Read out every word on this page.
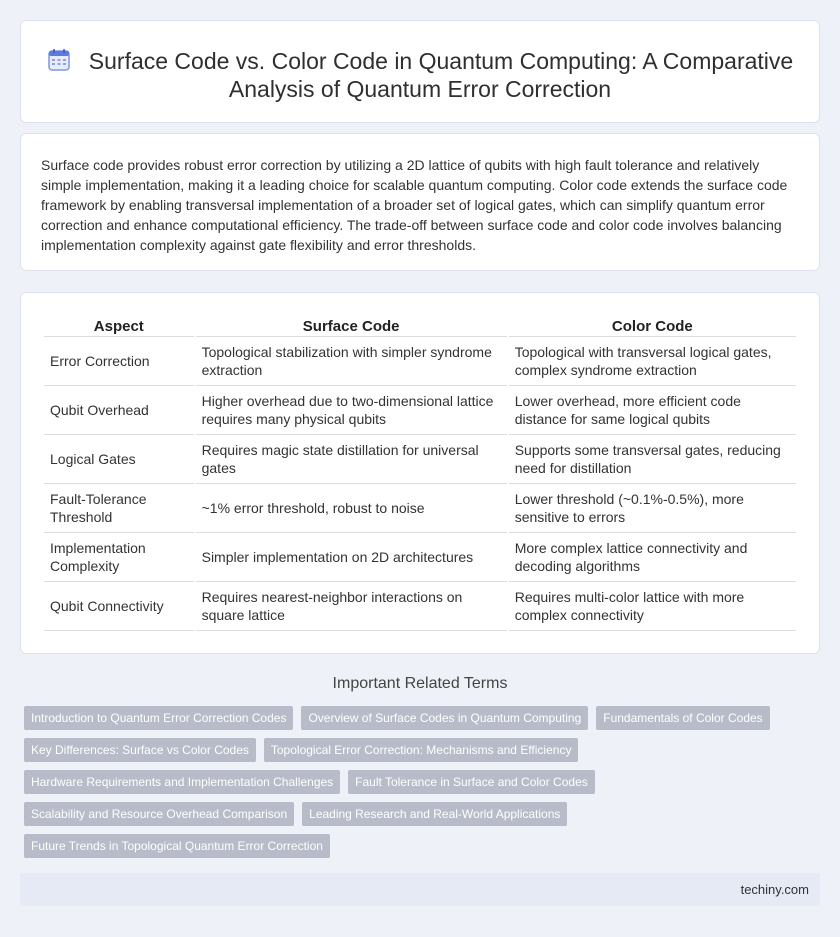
Surface Code vs. Color Code in Quantum Computing: A Comparative Analysis of Quantum Error Correction

Surface code provides robust error correction by utilizing a 2D lattice of qubits with high fault tolerance and relatively simple implementation, making it a leading choice for scalable quantum computing. Color code extends the surface code framework by enabling transversal implementation of a broader set of logical gates, which can simplify quantum error correction and enhance computational efficiency. The trade-off between surface code and color code involves balancing implementation complexity against gate flexibility and error thresholds.

Aspect	Surface Code	Color Code
Error Correction	Topological stabilization with simpler syndrome extraction	Topological with transversal logical gates, complex syndrome extraction
Qubit Overhead	Higher overhead due to two-dimensional lattice requires many physical qubits	Lower overhead, more efficient code distance for same logical qubits
Logical Gates	Requires magic state distillation for universal gates	Supports some transversal gates, reducing need for distillation
Fault-Tolerance Threshold	~1% error threshold, robust to noise	Lower threshold (~0.1%-0.5%), more sensitive to errors
Implementation Complexity	Simpler implementation on 2D architectures	More complex lattice connectivity and decoding algorithms
Qubit Connectivity	Requires nearest-neighbor interactions on square lattice	Requires multi-color lattice with more complex connectivity
Important Related Terms
Introduction to Quantum Error Correction Codes	Overview of Surface Codes in Quantum Computing	Fundamentals of Color Codes
Key Differences: Surface vs Color Codes	Topological Error Correction: Mechanisms and Efficiency
Hardware Requirements and Implementation Challenges	Fault Tolerance in Surface and Color Codes
Scalability and Resource Overhead Comparison	Leading Research and Real-World Applications
Future Trends in Topological Quantum Error Correction
techiny.com
